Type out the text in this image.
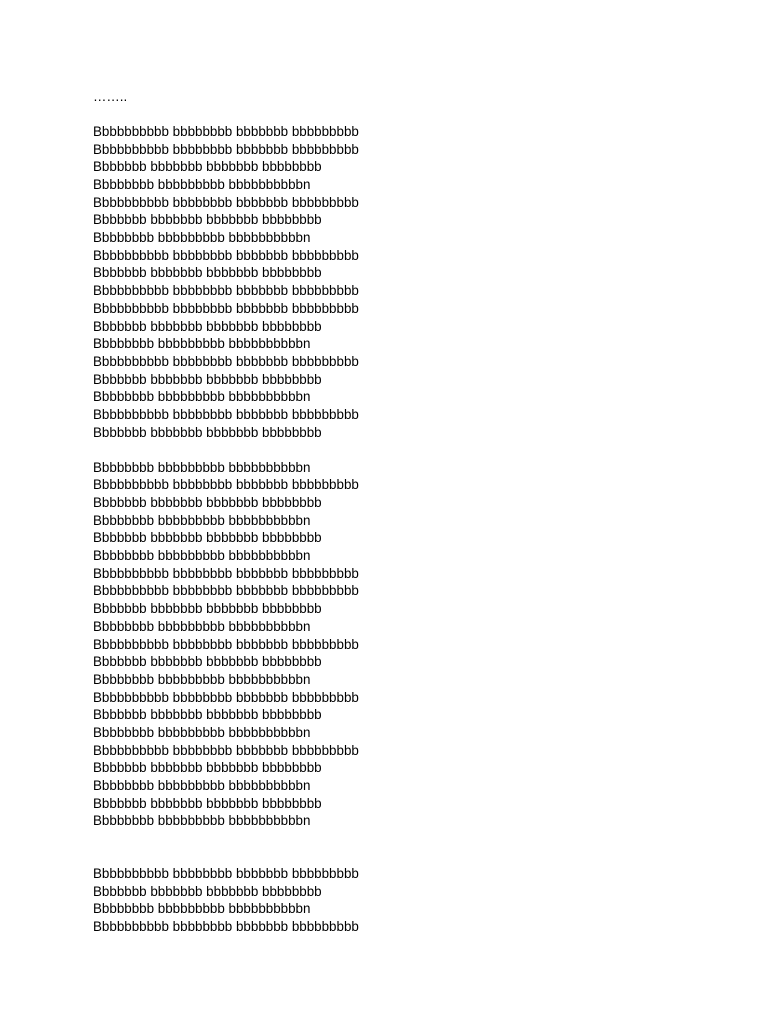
……..
Bbbbbbbbbb bbbbbbbb bbbbbbb bbbbbbbbb
Bbbbbbbbbb bbbbbbbb bbbbbbb bbbbbbbbb
Bbbbbbb bbbbbbb bbbbbbb bbbbbbbb
Bbbbbbbb bbbbbbbbb bbbbbbbbbbn
Bbbbbbbbbb bbbbbbbb bbbbbbb bbbbbbbbb
Bbbbbbb bbbbbbb bbbbbbb bbbbbbbb
Bbbbbbbb bbbbbbbbb bbbbbbbbbbn
Bbbbbbbbbb bbbbbbbb bbbbbbb bbbbbbbbb
Bbbbbbb bbbbbbb bbbbbbb bbbbbbbb
Bbbbbbbbbb bbbbbbbb bbbbbbb bbbbbbbbb
Bbbbbbbbbb bbbbbbbb bbbbbbb bbbbbbbbb
Bbbbbbb bbbbbbb bbbbbbb bbbbbbbb
Bbbbbbbb bbbbbbbbb bbbbbbbbbbn
Bbbbbbbbbb bbbbbbbb bbbbbbb bbbbbbbbb
Bbbbbbb bbbbbbb bbbbbbb bbbbbbbb
Bbbbbbbb bbbbbbbbb bbbbbbbbbbn
Bbbbbbbbbb bbbbbbbb bbbbbbb bbbbbbbbb
Bbbbbbb bbbbbbb bbbbbbb bbbbbbbb
Bbbbbbbb bbbbbbbbb bbbbbbbbbbn
Bbbbbbbbbb bbbbbbbb bbbbbbb bbbbbbbbb
Bbbbbbb bbbbbbb bbbbbbb bbbbbbbb
Bbbbbbbb bbbbbbbbb bbbbbbbbbbn
Bbbbbbb bbbbbbb bbbbbbb bbbbbbbb
Bbbbbbbb bbbbbbbbb bbbbbbbbbbn
Bbbbbbbbbb bbbbbbbb bbbbbbb bbbbbbbbb
Bbbbbbbbbb bbbbbbbb bbbbbbb bbbbbbbbb
Bbbbbbb bbbbbbb bbbbbbb bbbbbbbb
Bbbbbbbb bbbbbbbbb bbbbbbbbbbn
Bbbbbbbbbb bbbbbbbb bbbbbbb bbbbbbbbb
Bbbbbbb bbbbbbb bbbbbbb bbbbbbbb
Bbbbbbbb bbbbbbbbb bbbbbbbbbbn
Bbbbbbbbbb bbbbbbbb bbbbbbb bbbbbbbbb
Bbbbbbb bbbbbbb bbbbbbb bbbbbbbb
Bbbbbbbb bbbbbbbbb bbbbbbbbbbn
Bbbbbbbbbb bbbbbbbb bbbbbbb bbbbbbbbb
Bbbbbbb bbbbbbb bbbbbbb bbbbbbbb
Bbbbbbbb bbbbbbbbb bbbbbbbbbbn
Bbbbbbb bbbbbbb bbbbbbb bbbbbbbb
Bbbbbbbb bbbbbbbbb bbbbbbbbbbn
Bbbbbbbbbb bbbbbbbb bbbbbbb bbbbbbbbb
Bbbbbbb bbbbbbb bbbbbbb bbbbbbbb
Bbbbbbbb bbbbbbbbb bbbbbbbbbbn
Bbbbbbbbbb bbbbbbbb bbbbbbb bbbbbbbbb
